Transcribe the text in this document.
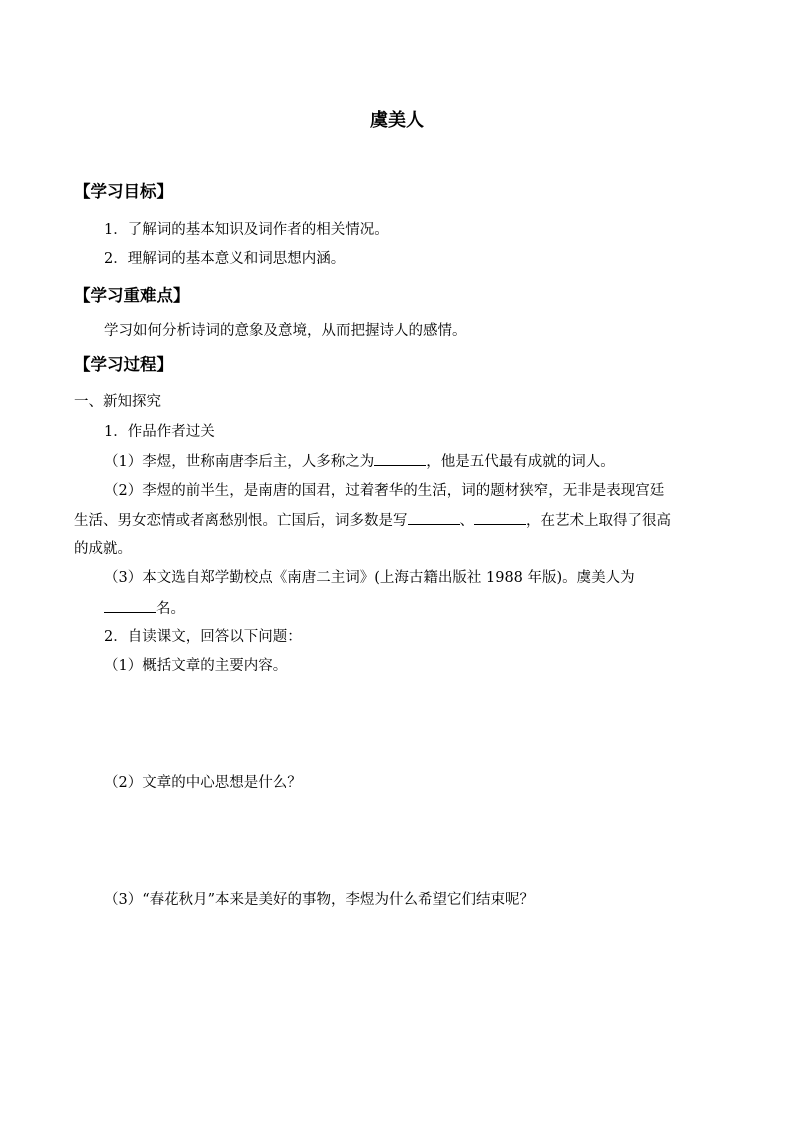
虞美人
【学习目标】
1．了解词的基本知识及词作者的相关情况。
2．理解词的基本意义和词思想内涵。
【学习重难点】
学习如何分析诗词的意象及意境，从而把握诗人的感情。
【学习过程】
一、新知探究
1．作品作者过关
（1）李煜，世称南唐李后主，人多称之为	，他是五代最有成就的词人。
（2）李煜的前半生，是南唐的国君，过着奢华的生活，词的题材狭窄，无非是表现宫廷
生活、男女恋情或者离愁别恨。亡国后，词多数是写	、	，在艺术上取得了很高
的成就。
（3）本文选自郑学勤校点《南唐二主词》(上海古籍出版社 1988 年版)。虞美人为
名。
2．自读课文，回答以下问题：
（1）概括文章的主要内容。
（2）文章的中心思想是什么？
（3）“春花秋月”本来是美好的事物，李煜为什么希望它们结束呢？
